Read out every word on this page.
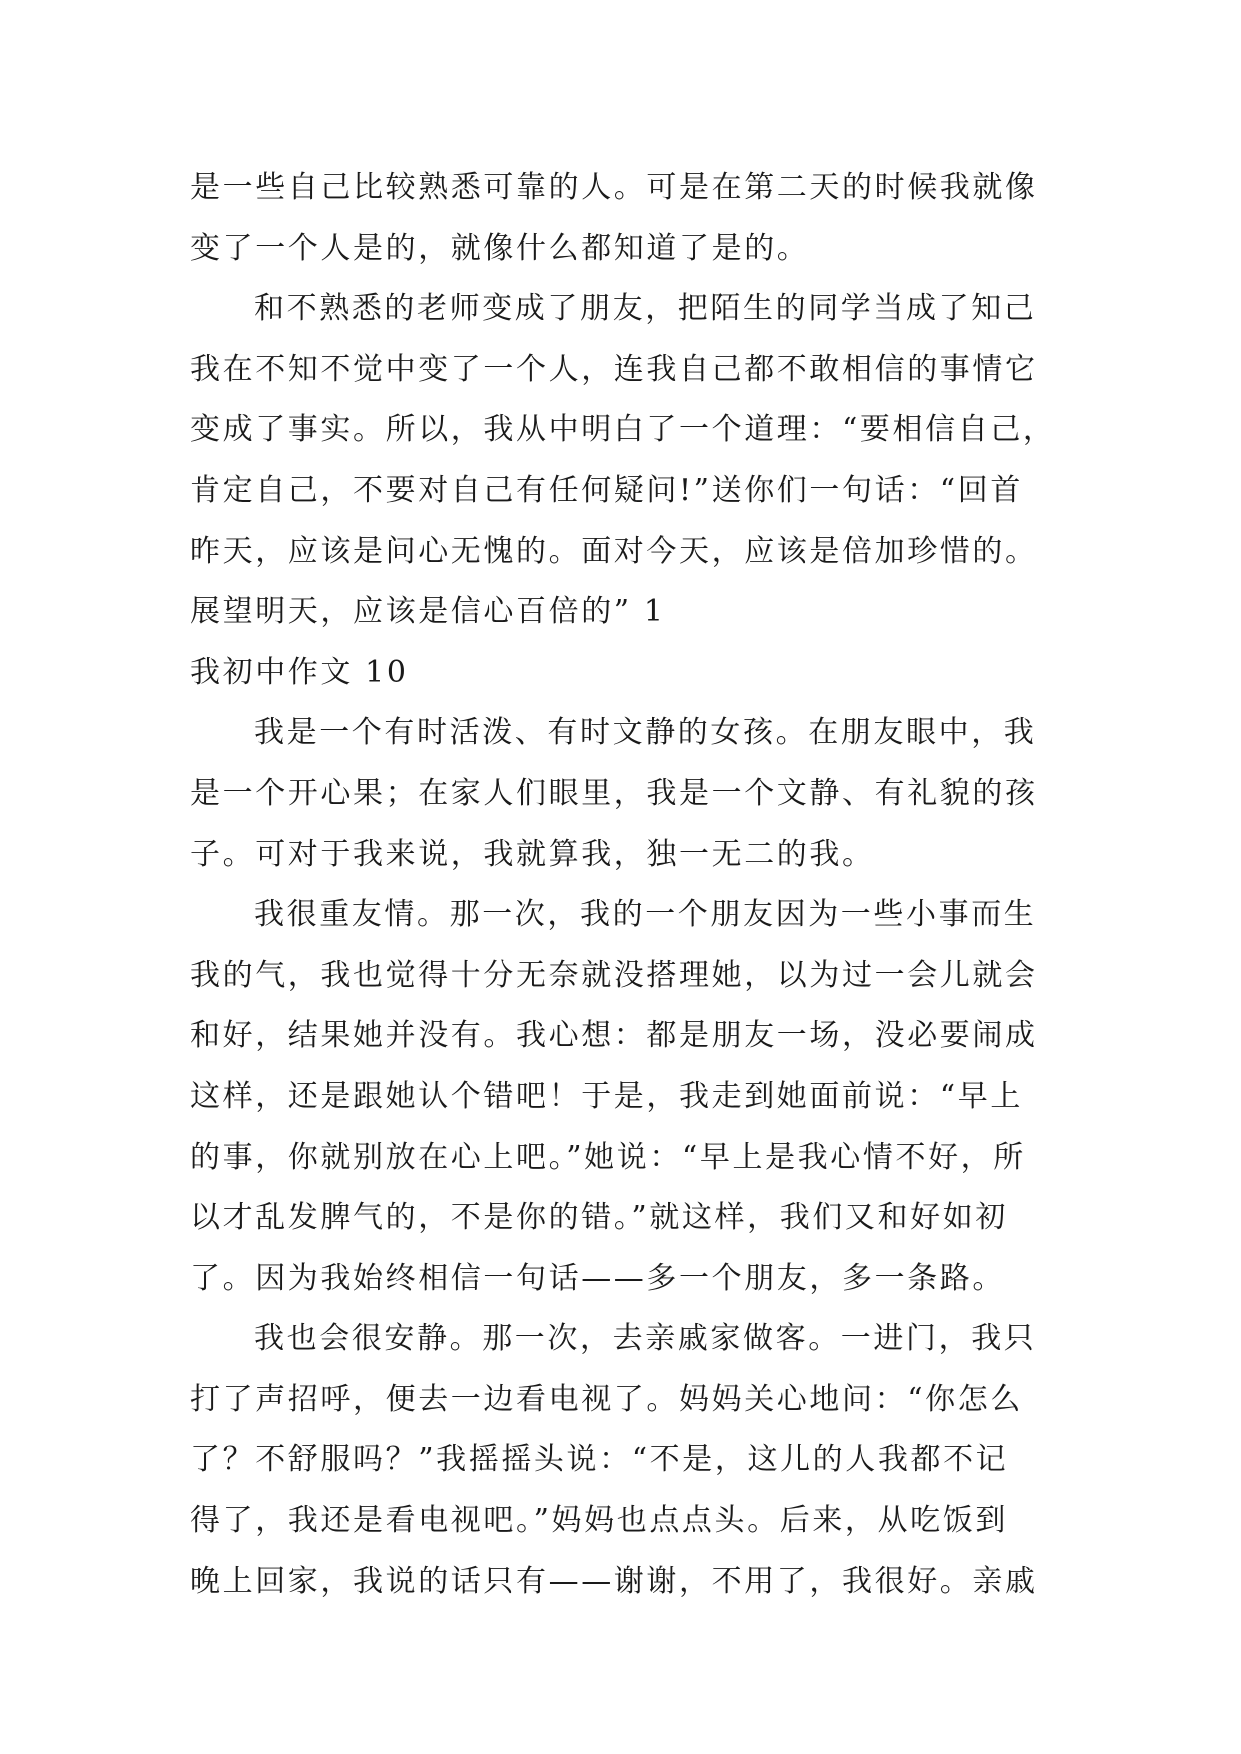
是一些自己比较熟悉可靠的人。可是在第二天的时候我就像

变了一个人是的，就像什么都知道了是的。

和不熟悉的老师变成了朋友，把陌生的同学当成了知己

我在不知不觉中变了一个人，连我自己都不敢相信的事情它

变成了事实。所以，我从中明白了一个道理：“要相信自己，

肯定自己，不要对自己有任何疑问!”送你们一句话：“回首

昨天，应该是问心无愧的。面对今天，应该是倍加珍惜的。

展望明天，应该是信心百倍的” 1

我初中作文 10

我是一个有时活泼、有时文静的女孩。在朋友眼中，我

是一个开心果；在家人们眼里，我是一个文静、有礼貌的孩

子。可对于我来说，我就算我，独一无二的我。

我很重友情。那一次，我的一个朋友因为一些小事而生

我的气，我也觉得十分无奈就没搭理她，以为过一会儿就会

和好，结果她并没有。我心想：都是朋友一场，没必要闹成

这样，还是跟她认个错吧！于是，我走到她面前说：“早上

的事，你就别放在心上吧。”她说：“早上是我心情不好，所

以才乱发脾气的，不是你的错。”就这样，我们又和好如初

了。因为我始终相信一句话——多一个朋友，多一条路。

我也会很安静。那一次，去亲戚家做客。一进门，我只

打了声招呼，便去一边看电视了。妈妈关心地问：“你怎么

了？不舒服吗？”我摇摇头说：“不是，这儿的人我都不记

得了，我还是看电视吧。”妈妈也点点头。后来，从吃饭到

晚上回家，我说的话只有——谢谢，不用了，我很好。亲戚
